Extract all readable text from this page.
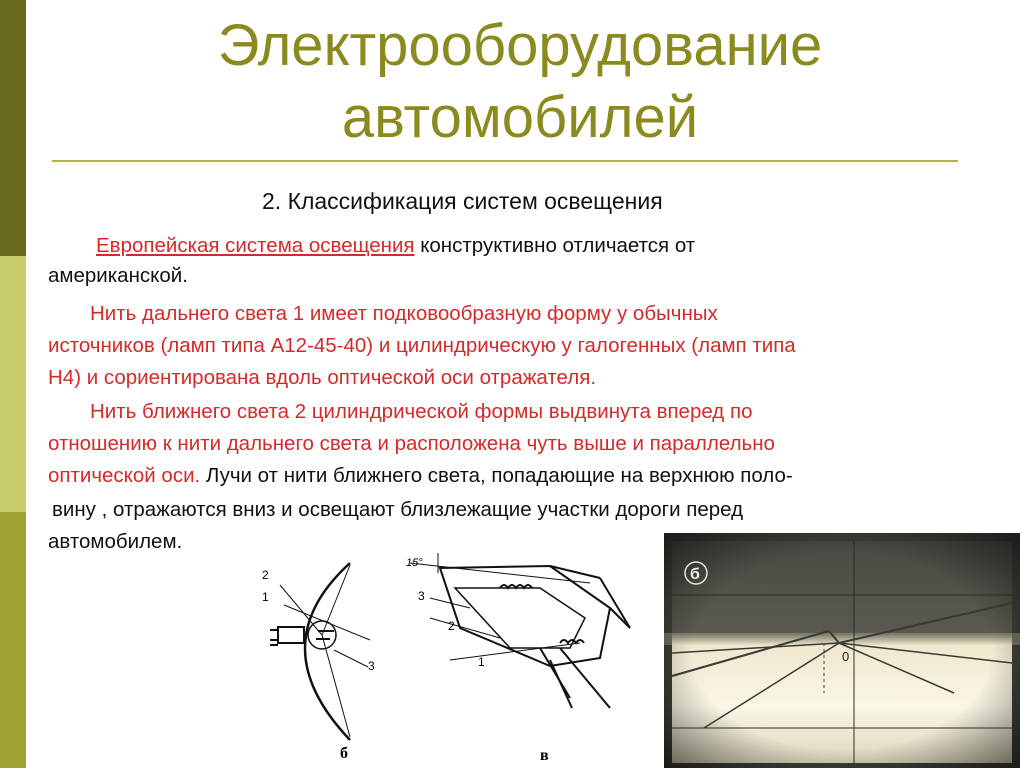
Электрооборудование
автомобилей
2. Классификация систем освещения
Европейская система освещения конструктивно отличается от
американской.
Нить дальнего света 1 имеет подковообразную форму у обычных
источников (ламп типа А12-45-40) и цилиндрическую у галогенных (ламп типа
Н4) и сориентирована вдоль оптической оси отражателя.
Нить ближнего света 2 цилиндрической формы выдвинута вперед по
отношению к нити дальнего света и расположена чуть выше и параллельно
оптической оси. Лучи от нити ближнего света, попадающие на верхнюю поло-
вину , отражаются вниз и освещают близлежащие участки дороги перед
автомобилем.
2
1
3
б
15°
3
2
1
в
б
0
